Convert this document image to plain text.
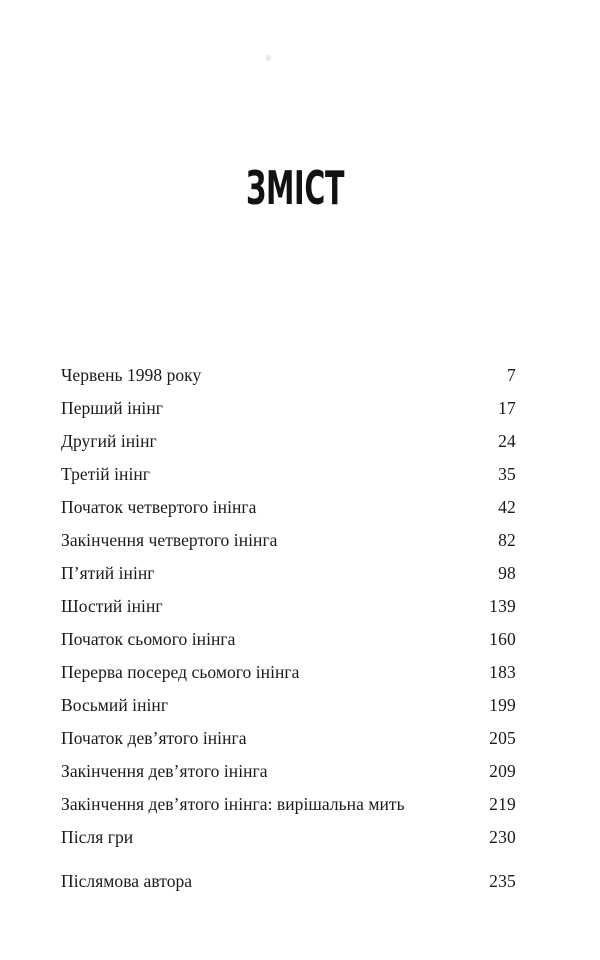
ЗМІСТ
Червень 1998 року .....	7
Перший інінг .....	17
Другий інінг .....	24
Третій інінг .....	35
Початок четвертого інінга .....	42
Закінчення четвертого інінга .....	82
П’ятий інінг .....	98
Шостий інінг .....	139
Початок сьомого інінга .....	160
Перерва посеред сьомого інінга .....	183
Восьмий інінг .....	199
Початок дев’ятого інінга .....	205
Закінчення дев’ятого інінга .....	209
Закінчення дев’ятого інінга: вирішальна мить .....	219
Після гри .....	230
Післямова автора .....	235
